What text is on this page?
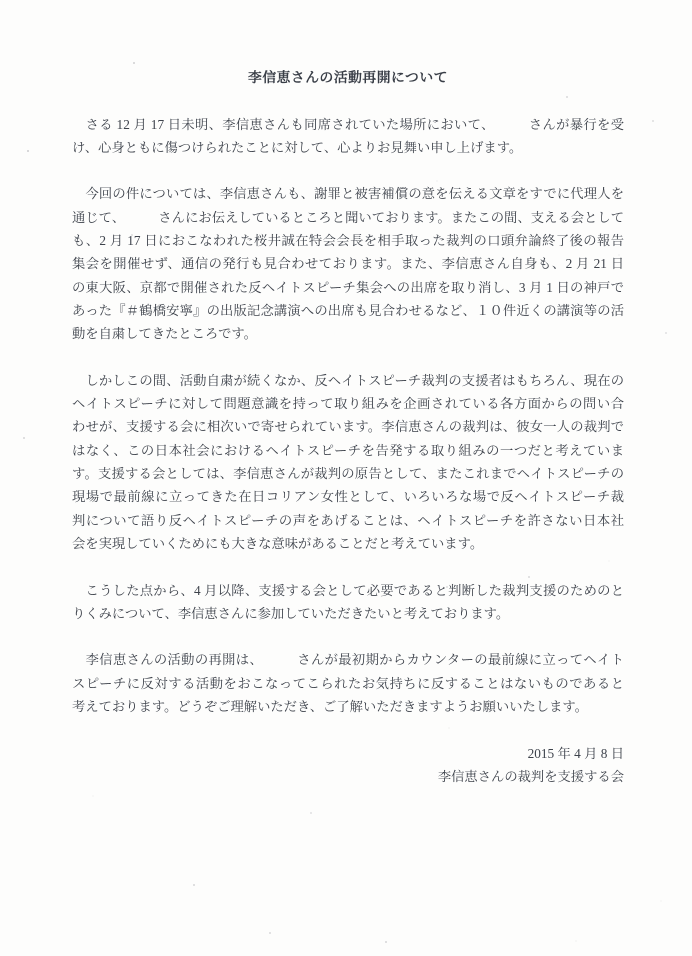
李信恵さんの活動再開について
　さる 12 月 17 日未明、李信恵さんも同席されていた場所において、　　　さんが暴行を受
け、心身ともに傷つけられたことに対して、心よりお見舞い申し上げます。
　今回の件については、李信恵さんも、謝罪と被害補償の意を伝える文章をすでに代理人を
通じて、　　　さんにお伝えしているところと聞いております。またこの間、支える会として
も、2 月 17 日におこなわれた桜井誠在特会会長を相手取った裁判の口頭弁論終了後の報告
集会を開催せず、通信の発行も見合わせております。また、李信恵さん自身も、2 月 21 日
の東大阪、京都で開催された反ヘイトスピーチ集会への出席を取り消し、3 月 1 日の神戸で
あった『＃鶴橋安寧』の出版記念講演への出席も見合わせるなど、１０件近くの講演等の活
動を自粛してきたところです。
　しかしこの間、活動自粛が続くなか、反ヘイトスピーチ裁判の支援者はもちろん、現在の
ヘイトスピーチに対して問題意識を持って取り組みを企画されている各方面からの問い合
わせが、支援する会に相次いで寄せられています。李信恵さんの裁判は、彼女一人の裁判で
はなく、この日本社会におけるヘイトスピーチを告発する取り組みの一つだと考えていま
す。支援する会としては、李信恵さんが裁判の原告として、またこれまでヘイトスピーチの
現場で最前線に立ってきた在日コリアン女性として、いろいろな場で反ヘイトスピーチ裁
判について語り反ヘイトスピーチの声をあげることは、ヘイトスピーチを許さない日本社
会を実現していくためにも大きな意味があることだと考えています。
　こうした点から、4 月以降、支援する会として必要であると判断した裁判支援のためのと
りくみについて、李信恵さんに参加していただきたいと考えております。
　李信恵さんの活動の再開は、　　　さんが最初期からカウンターの最前線に立ってヘイト
スピーチに反対する活動をおこなってこられたお気持ちに反することはないものであると
考えております。どうぞご理解いただき、ご了解いただきますようお願いいたします。
2015 年 4 月 8 日
李信恵さんの裁判を支援する会
